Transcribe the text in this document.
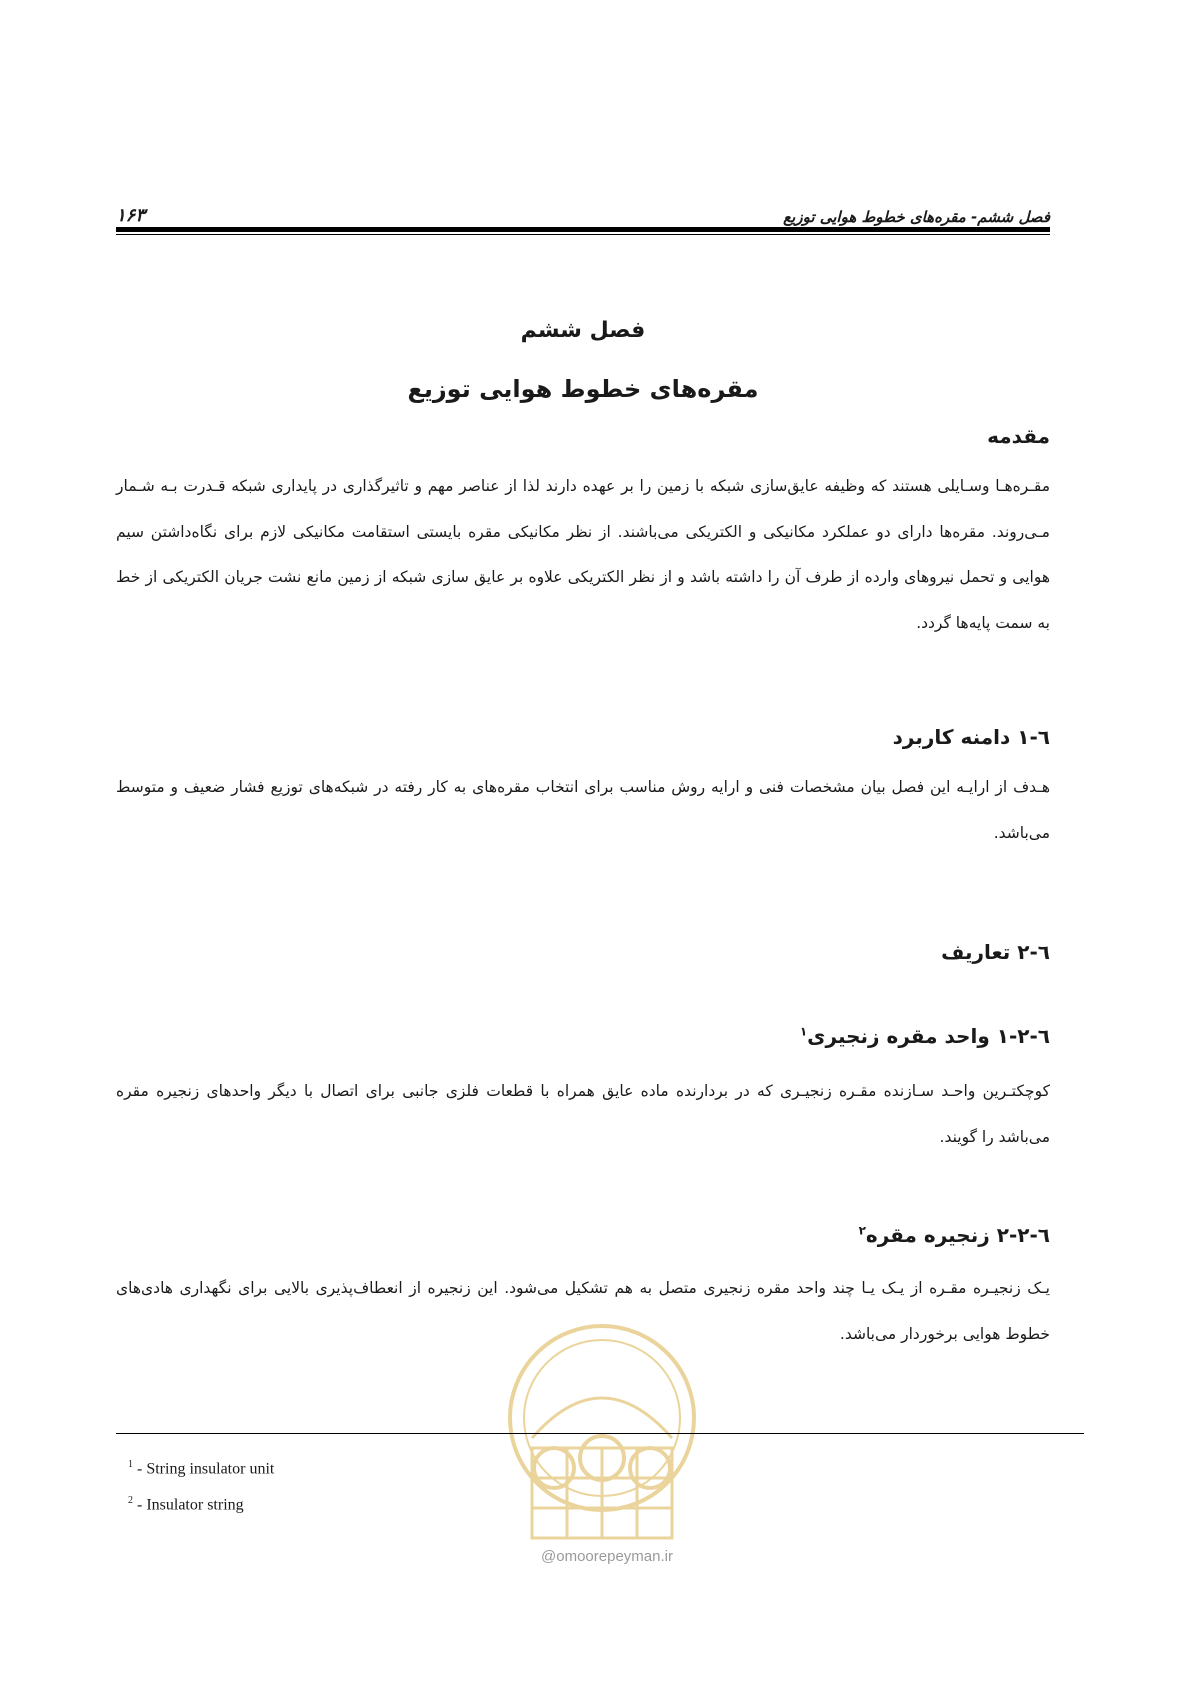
۱۶۳	فصل ششم- مقره‌های خطوط هوایی توزیع
فصل ششم
مقره‌های خطوط هوایی توزیع
مقدمه

مقـره‌هـا وسـایلی هستند که وظیفه عایق‌سازی شبکه با زمین را بر عهده دارند لذا از عناصر مهم و تاثیرگذاری در پایداری شبکه قـدرت بـه شـمار مـی‌روند. مقره‌ها دارای دو عملکرد مکانیکی و الکتریکی می‌باشند. از نظر مکانیکی مقره بایستی استقامت مکانیکی لازم برای نگاه‌داشتن سیم هوایی و تحمل نیروهای وارده از طرف آن را داشته باشد و از نظر الکتریکی علاوه بر عایق سازی شبکه از زمین مانع نشت جریان الکتریکی از خط به سمت پایه‌ها گردد.

٦-١ دامنه کاربرد

هـدف از ارایـه این فصل بیان مشخصات فنی و ارایه روش مناسب برای انتخاب مقره‌های به کار رفته در شبکه‌های توزیع فشار ضعیف و متوسط می‌باشد.

٦-٢ تعاریف
٦-٢-١ واحد مقره زنجیری$^۱$

کوچکتـرین واحـد سـازنده مقـره زنجیـری که در بردارنده ماده عایق همراه با قطعات فلزی جانبی برای اتصال با دیگر واحدهای زنجیره مقره می‌باشد را گویند.

٦-٢-٢ زنجیره مقره$^۲$

یـک زنجیـره مقـره از یـک یـا چند واحد مقره زنجیری متصل به هم تشکیل می‌شود. این زنجیره از انعطاف‌پذیری بالایی برای نگهداری هادی‌های خطوط هوایی برخوردار می‌باشد.

@omoorepeyman.ir
$^1$ - String insulator unit
$^2$ - Insulator string
